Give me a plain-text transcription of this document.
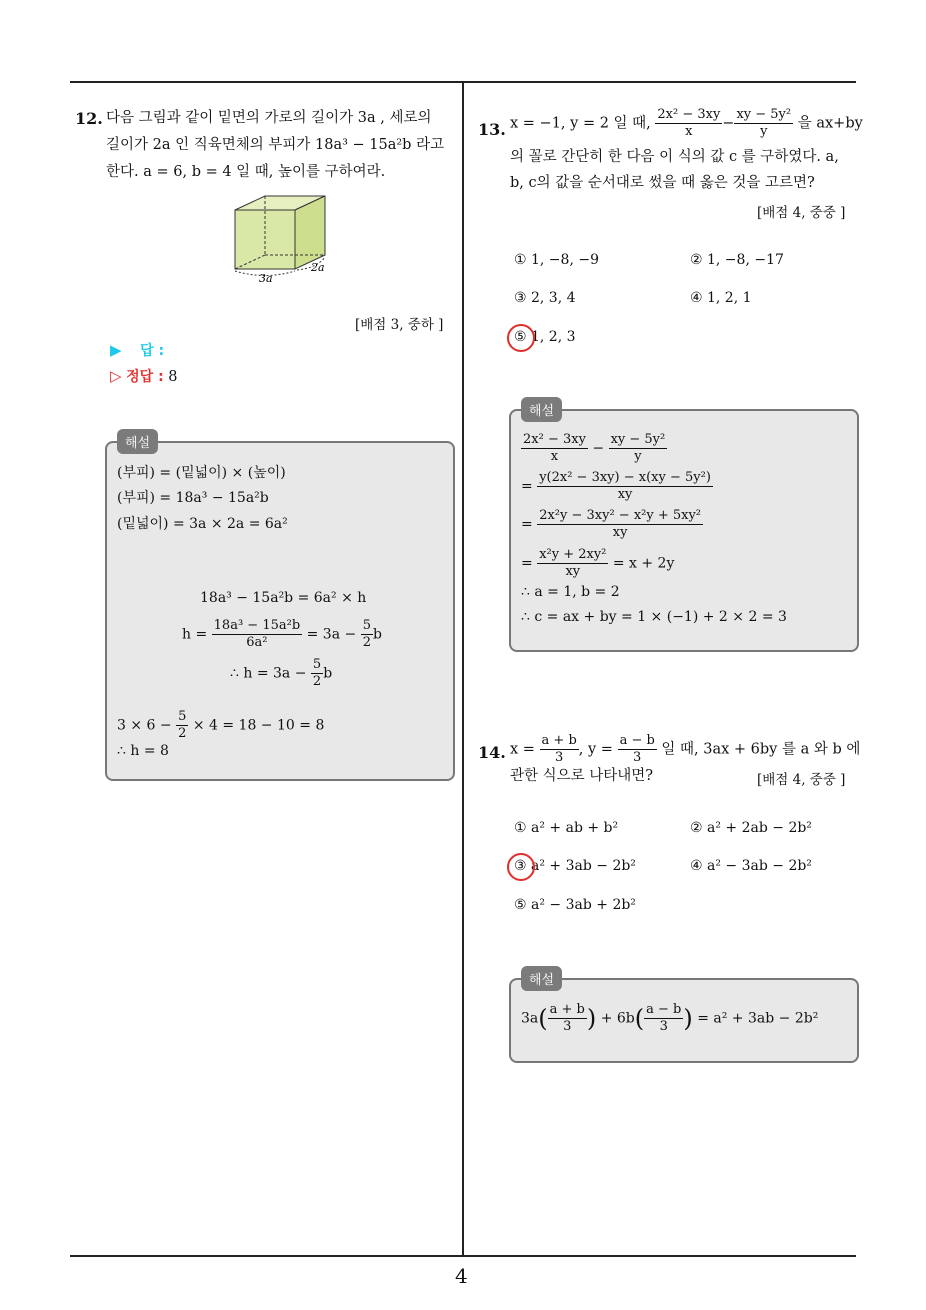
4
12. 다음 그림과 같이 밑면의 가로의 길이가 3a , 세로의
길이가 2a 인 직육면체의 부피가 18a³ − 15a²b 라고
한다. a = 6, b = 4 일 때, 높이를 구하여라.
3a
2a
[배점 3, 중하 ]
▶ 답 :
▷ 정답 : 8
해설
(부피) = (밑넓이) × (높이)
(부피) = 18a³ − 15a²b
(밑넓이) = 3a × 2a = 6a²
18a³ − 15a²b = 6a² × h
$h = \frac{\text{18a³ − 15a²b}}{\text{6a²}} = 3a - \frac{5}{2}$ b
∴ $h = 3a - \frac{5}{2}$ b
$3 \times 6 - \frac{5}{2} \times 4 = 18 - 10 = 8$
∴ h = 8
13. x = −1, y = 2 일 때, $\frac{\text{2x² − 3xy}}{x} - \frac{\text{xy − 5y²}}{y}$ 을 ax+by
의 꼴로 간단히 한 다음 이 식의 값 c 를 구하였다. a,
b, c의 값을 순서대로 썼을 때 옳은 것을 고르면?
[배점 4, 중중 ]
① 1, −8, −9	② 1, −8, −17
③ 2, 3, 4	④ 1, 2, 1
⑤ 1, 2, 3
해설
$\frac{\text{2x² − 3xy}}{x} - \frac{\text{xy − 5y²}}{y}$
= $\frac{\text{y(2x² − 3xy) − x(xy − 5y²)}}{xy}$
= $\frac{\text{2x²y − 3xy² − x²y + 5xy²}}{xy}$
= $\frac{\text{x²y + 2xy²}}{xy} = x + 2y$
∴ a = 1, b = 2
∴ c = ax + by = 1 × (−1) + 2 × 2 = 3
14. $x = \frac{a + b}{3}$ , $y = \frac{a - b}{3}$ 일 때, 3ax + 6by 를 a 와 b 에
관한 식으로 나타내면?	[배점 4, 중중 ]
① a² + ab + b²	② a² + 2ab − 2b²
③ a² + 3ab − 2b²	④ a² − 3ab − 2b²
⑤ a² − 3ab + 2b²
해설
$3a( \frac{a + b}{3}$ ) + $6b( \frac{a - b}{3}$ ) = a² + 3ab − 2b²
